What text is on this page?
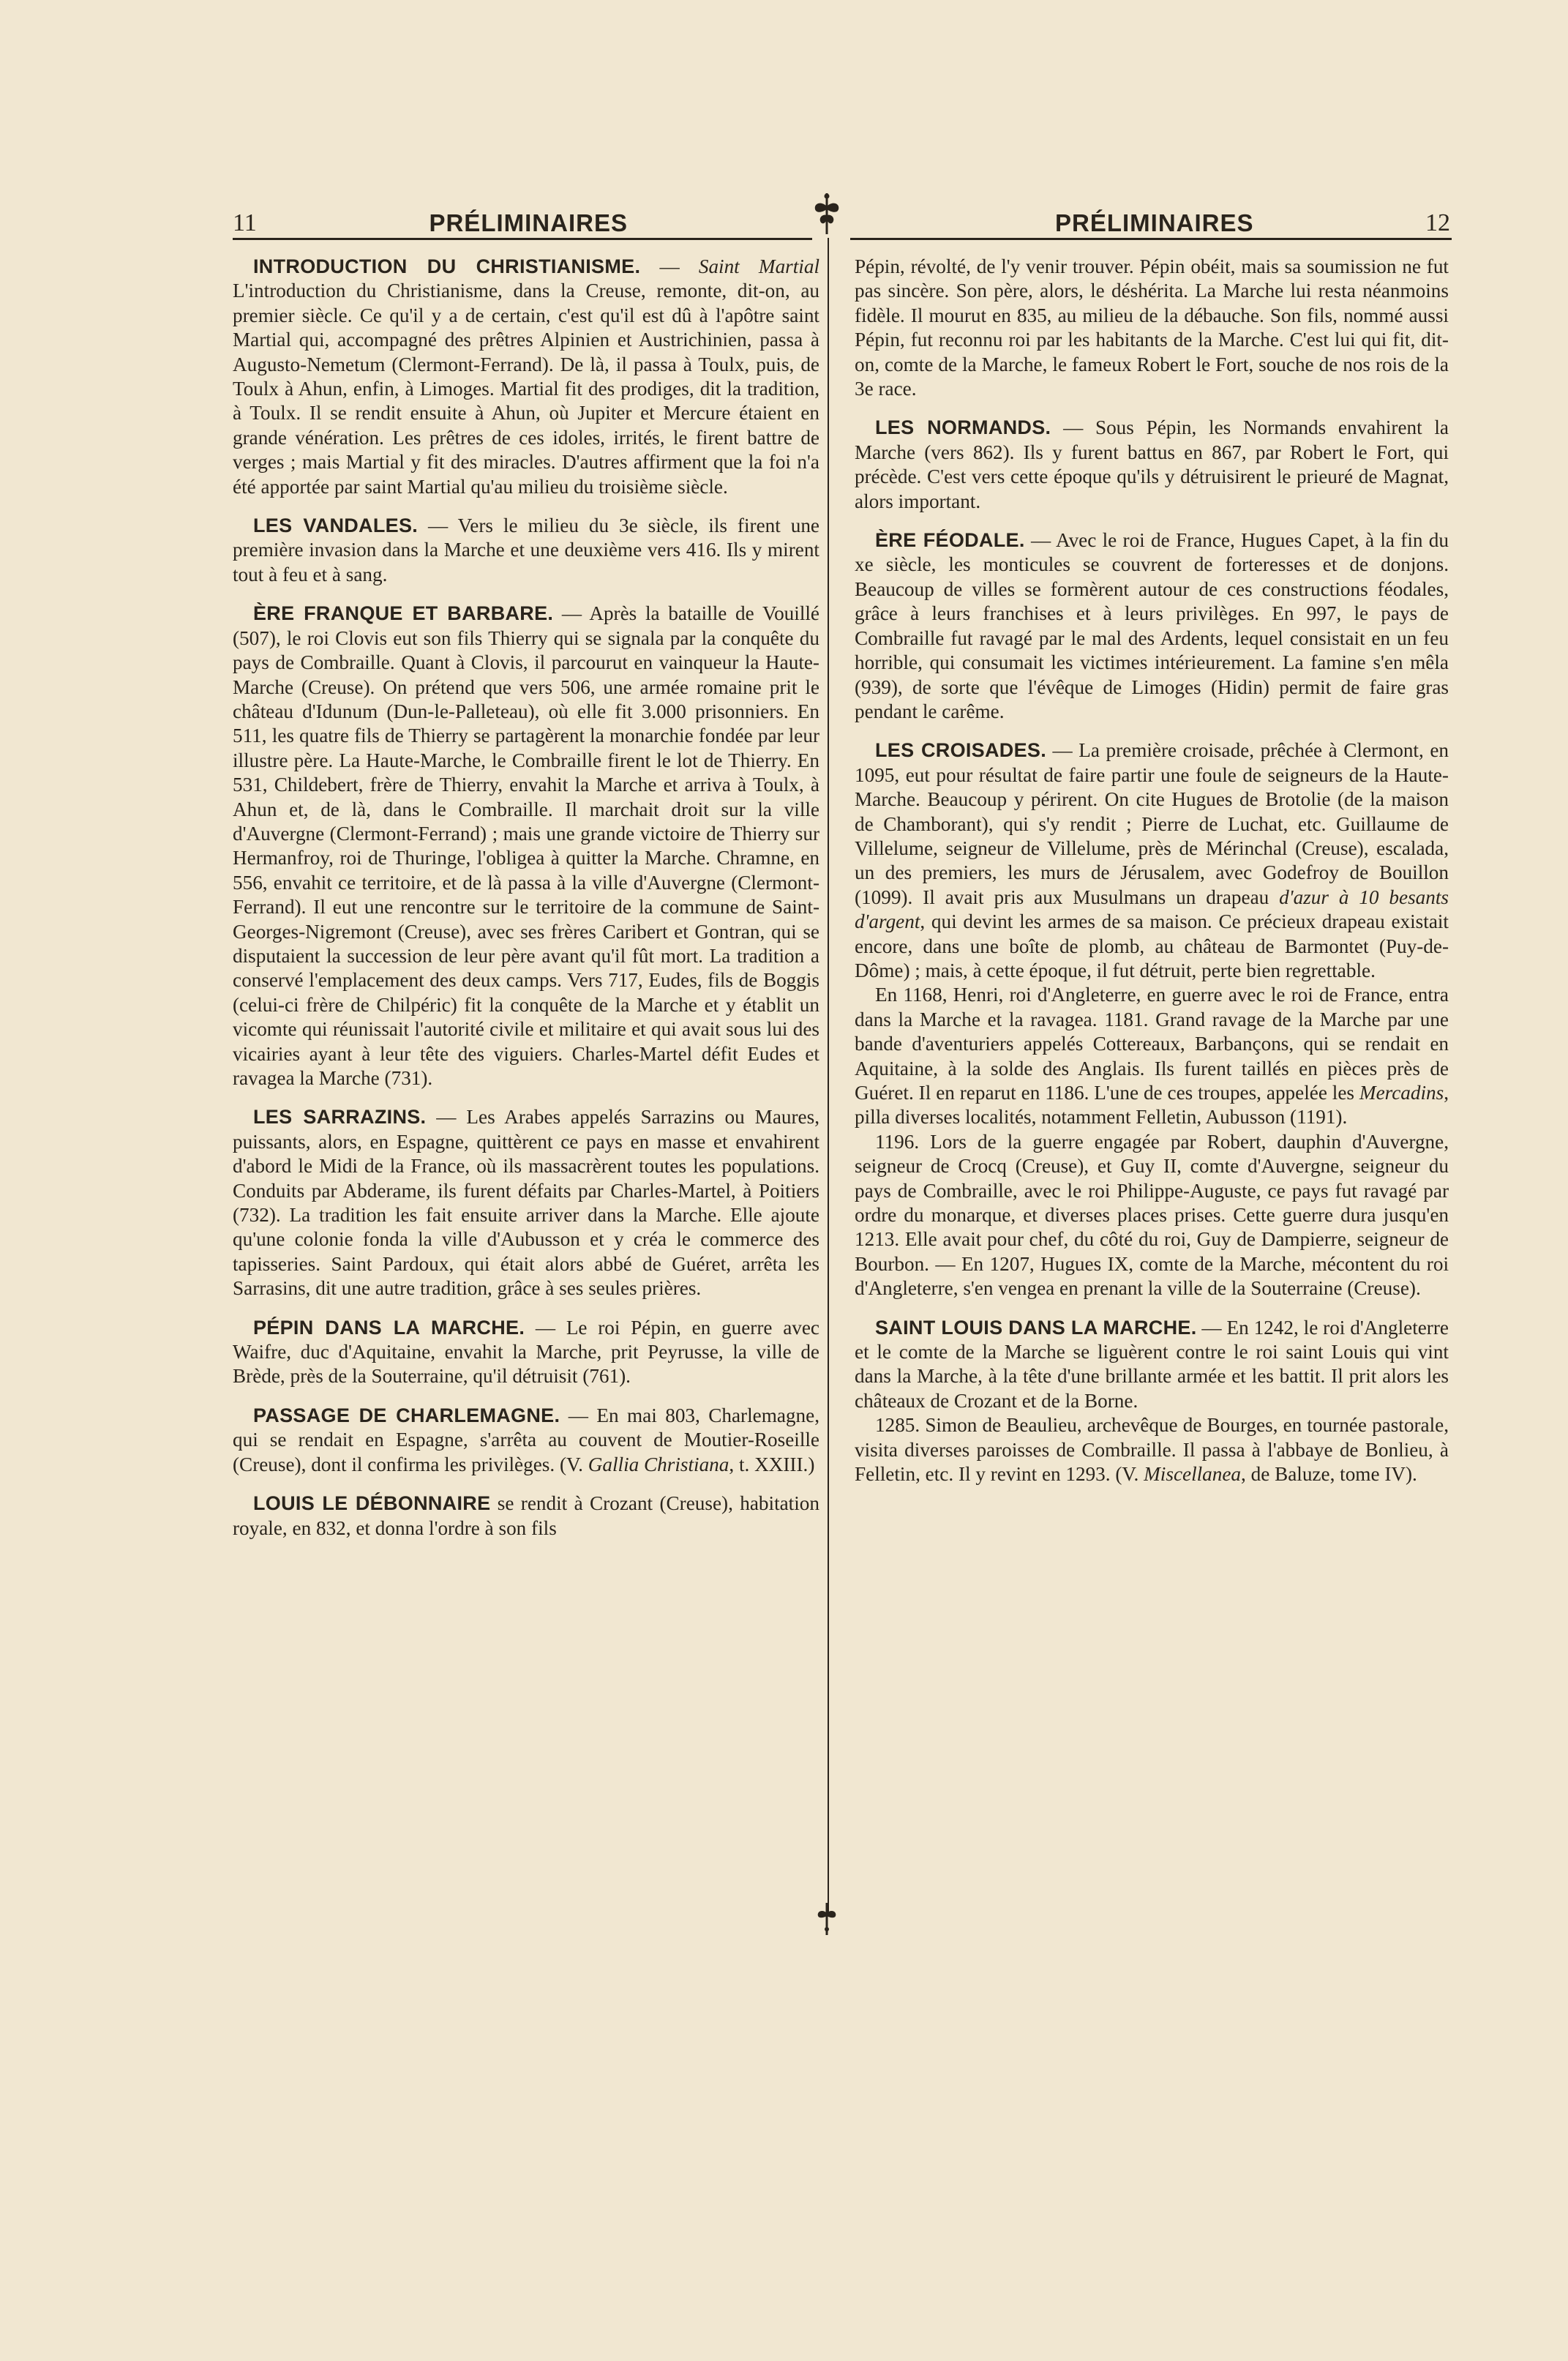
11	PRÉLIMINAIRES	PRÉLIMINAIRES	12

INTRODUCTION DU CHRISTIANISME. — Saint Martial L'introduction du Christianisme, dans la Creuse, remonte, dit-on, au premier siècle. Ce qu'il y a de certain, c'est qu'il est dû à l'apôtre saint Martial qui, accompagné des prêtres Alpinien et Austrichinien, passa à Augusto-Nemetum (Clermont-Ferrand). De là, il passa à Toulx, puis, de Toulx à Ahun, enfin, à Limoges. Martial fit des prodiges, dit la tradition, à Toulx. Il se rendit ensuite à Ahun, où Jupiter et Mercure étaient en grande vénération. Les prêtres de ces idoles, irrités, le firent battre de verges ; mais Martial y fit des miracles. D'autres affirment que la foi n'a été apportée par saint Martial qu'au milieu du troisième siècle.

LES VANDALES. — Vers le milieu du 3e siècle, ils firent une première invasion dans la Marche et une deuxième vers 416. Ils y mirent tout à feu et à sang.

ÈRE FRANQUE ET BARBARE. — Après la bataille de Vouillé (507), le roi Clovis eut son fils Thierry qui se signala par la conquête du pays de Combraille. Quant à Clovis, il parcourut en vainqueur la Haute-Marche (Creuse). On prétend que vers 506, une armée romaine prit le château d'Idunum (Dun-le-Palleteau), où elle fit 3.000 prisonniers. En 511, les quatre fils de Thierry se partagèrent la monarchie fondée par leur illustre père. La Haute-Marche, le Combraille firent le lot de Thierry. En 531, Childebert, frère de Thierry, envahit la Marche et arriva à Toulx, à Ahun et, de là, dans le Combraille. Il marchait droit sur la ville d'Auvergne (Clermont-Ferrand) ; mais une grande victoire de Thierry sur Hermanfroy, roi de Thuringe, l'obligea à quitter la Marche. Chramne, en 556, envahit ce territoire, et de là passa à la ville d'Auvergne (Clermont-Ferrand). Il eut une rencontre sur le territoire de la commune de Saint-Georges-Nigremont (Creuse), avec ses frères Caribert et Gontran, qui se disputaient la succession de leur père avant qu'il fût mort. La tradition a conservé l'emplacement des deux camps. Vers 717, Eudes, fils de Boggis (celui-ci frère de Chilpéric) fit la conquête de la Marche et y établit un vicomte qui réunissait l'autorité civile et militaire et qui avait sous lui des vicairies ayant à leur tête des viguiers. Charles-Martel défit Eudes et ravagea la Marche (731).

LES SARRAZINS. — Les Arabes appelés Sarrazins ou Maures, puissants, alors, en Espagne, quittèrent ce pays en masse et envahirent d'abord le Midi de la France, où ils massacrèrent toutes les populations. Conduits par Abderame, ils furent défaits par Charles-Martel, à Poitiers (732). La tradition les fait ensuite arriver dans la Marche. Elle ajoute qu'une colonie fonda la ville d'Aubusson et y créa le commerce des tapisseries. Saint Pardoux, qui était alors abbé de Guéret, arrêta les Sarrasins, dit une autre tradition, grâce à ses seules prières.

PÉPIN DANS LA MARCHE. — Le roi Pépin, en guerre avec Waifre, duc d'Aquitaine, envahit la Marche, prit Peyrusse, la ville de Brède, près de la Souterraine, qu'il détruisit (761).

PASSAGE DE CHARLEMAGNE. — En mai 803, Charlemagne, qui se rendait en Espagne, s'arrêta au couvent de Moutier-Roseille (Creuse), dont il confirma les privilèges. (V. Gallia Christiana, t. XXIII.)

LOUIS LE DÉBONNAIRE se rendit à Crozant (Creuse), habitation royale, en 832, et donna l'ordre à son fils

Pépin, révolté, de l'y venir trouver. Pépin obéit, mais sa soumission ne fut pas sincère. Son père, alors, le déshérita. La Marche lui resta néanmoins fidèle. Il mourut en 835, au milieu de la débauche. Son fils, nommé aussi Pépin, fut reconnu roi par les habitants de la Marche. C'est lui qui fit, dit-on, comte de la Marche, le fameux Robert le Fort, souche de nos rois de la 3e race.

LES NORMANDS. — Sous Pépin, les Normands envahirent la Marche (vers 862). Ils y furent battus en 867, par Robert le Fort, qui précède. C'est vers cette époque qu'ils y détruisirent le prieuré de Magnat, alors important.

ÈRE FÉODALE. — Avec le roi de France, Hugues Capet, à la fin du xe siècle, les monticules se couvrent de forteresses et de donjons. Beaucoup de villes se formèrent autour de ces constructions féodales, grâce à leurs franchises et à leurs privilèges. En 997, le pays de Combraille fut ravagé par le mal des Ardents, lequel consistait en un feu horrible, qui consumait les victimes intérieurement. La famine s'en mêla (939), de sorte que l'évêque de Limoges (Hidin) permit de faire gras pendant le carême.

LES CROISADES. — La première croisade, prêchée à Clermont, en 1095, eut pour résultat de faire partir une foule de seigneurs de la Haute-Marche. Beaucoup y périrent. On cite Hugues de Brotolie (de la maison de Chamborant), qui s'y rendit ; Pierre de Luchat, etc. Guillaume de Villelume, seigneur de Villelume, près de Mérinchal (Creuse), escalada, un des premiers, les murs de Jérusalem, avec Godefroy de Bouillon (1099). Il avait pris aux Musulmans un drapeau d'azur à 10 besants d'argent, qui devint les armes de sa maison. Ce précieux drapeau existait encore, dans une boîte de plomb, au château de Barmontet (Puy-de-Dôme) ; mais, à cette époque, il fut détruit, perte bien regrettable.

En 1168, Henri, roi d'Angleterre, en guerre avec le roi de France, entra dans la Marche et la ravagea. 1181. Grand ravage de la Marche par une bande d'aventuriers appelés Cottereaux, Barbançons, qui se rendait en Aquitaine, à la solde des Anglais. Ils furent taillés en pièces près de Guéret. Il en reparut en 1186. L'une de ces troupes, appelée les Mercadins, pilla diverses localités, notamment Felletin, Aubusson (1191).

1196. Lors de la guerre engagée par Robert, dauphin d'Auvergne, seigneur de Crocq (Creuse), et Guy II, comte d'Auvergne, seigneur du pays de Combraille, avec le roi Philippe-Auguste, ce pays fut ravagé par ordre du monarque, et diverses places prises. Cette guerre dura jusqu'en 1213. Elle avait pour chef, du côté du roi, Guy de Dampierre, seigneur de Bourbon. — En 1207, Hugues IX, comte de la Marche, mécontent du roi d'Angleterre, s'en vengea en prenant la ville de la Souterraine (Creuse).

SAINT LOUIS DANS LA MARCHE. — En 1242, le roi d'Angleterre et le comte de la Marche se liguèrent contre le roi saint Louis qui vint dans la Marche, à la tête d'une brillante armée et les battit. Il prit alors les châteaux de Crozant et de la Borne.

1285. Simon de Beaulieu, archevêque de Bourges, en tournée pastorale, visita diverses paroisses de Combraille. Il passa à l'abbaye de Bonlieu, à Felletin, etc. Il y revint en 1293. (V. Miscellanea, de Baluze, tome IV).
